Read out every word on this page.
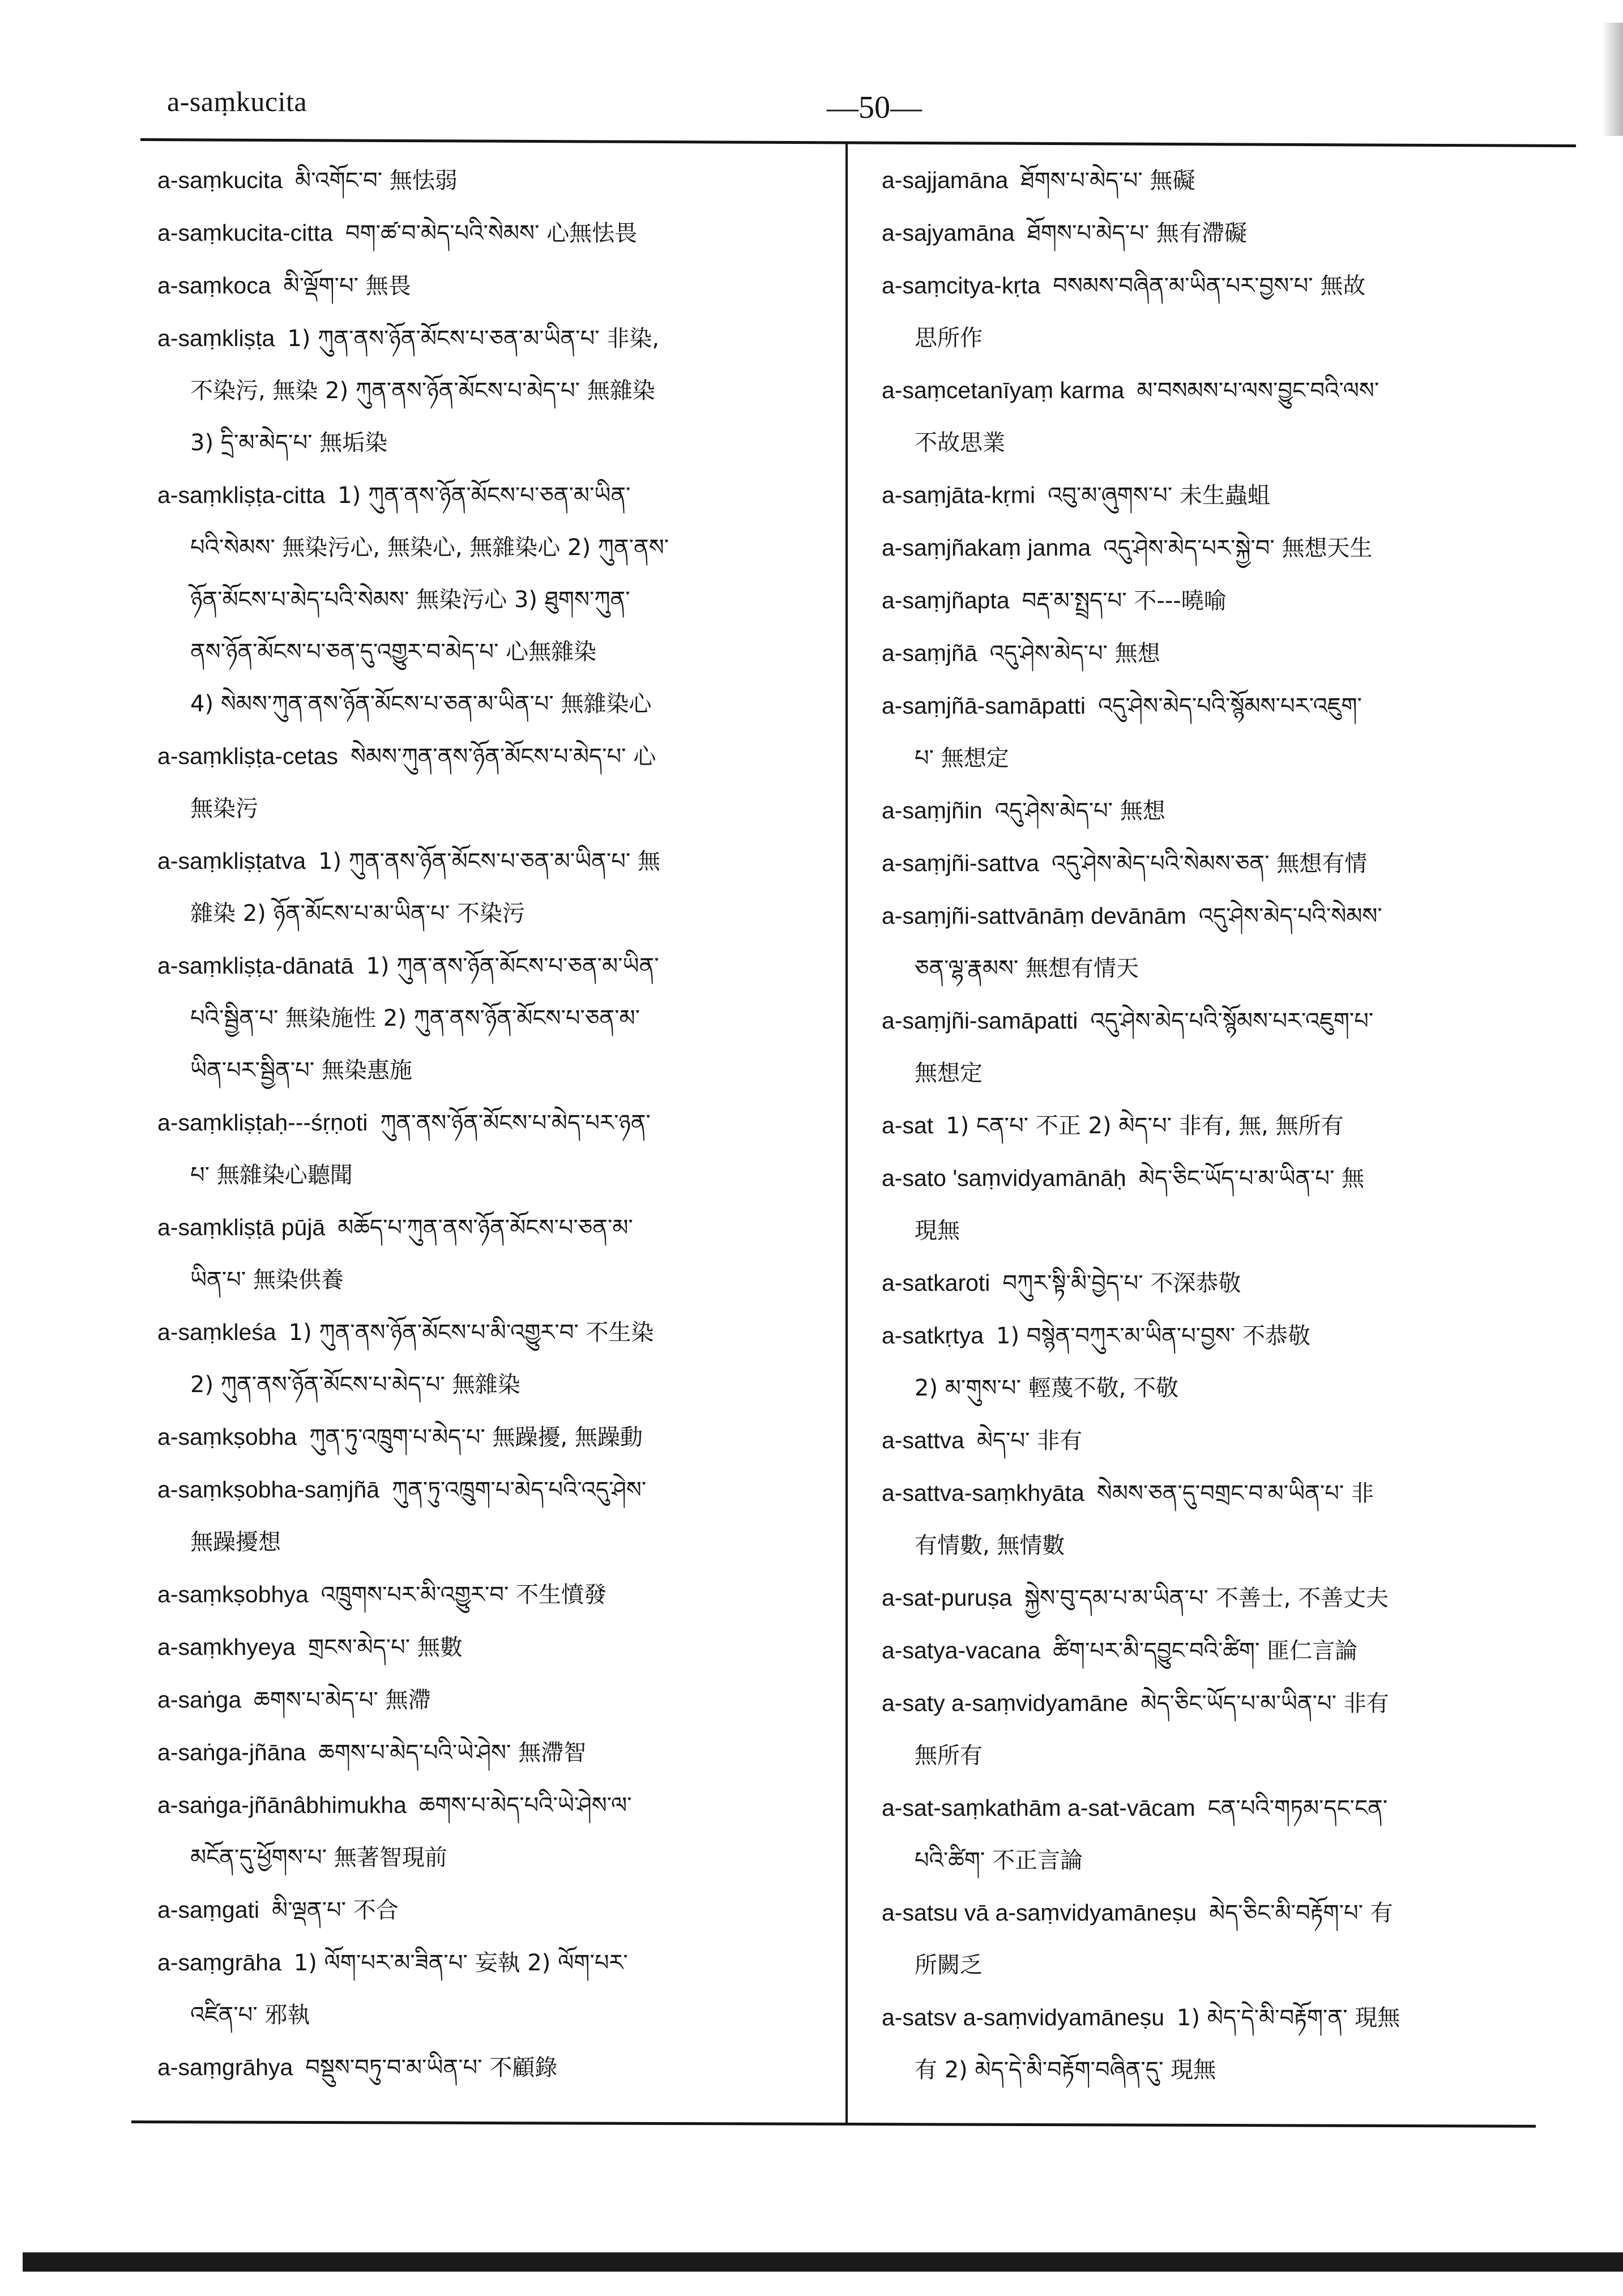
a-saṃkucita	—50—
a-saṃkucita མི་འགོང་བ་ 無怯弱
a-saṃkucita-citta བག་ཚ་བ་མེད་པའི་སེམས་ 心無怯畏
a-saṃkoca མི་ལྡོག་པ་ 無畏
a-saṃkliṣṭa 1) ཀུན་ནས་ཉོན་མོངས་པ་ཅན་མ་ཡིན་པ་ 非染,
不染污, 無染 2) ཀུན་ནས་ཉོན་མོངས་པ་མེད་པ་ 無雜染
3) དྲི་མ་མེད་པ་ 無垢染
a-saṃkliṣṭa-citta 1) ཀུན་ནས་ཉོན་མོངས་པ་ཅན་མ་ཡིན་
པའི་སེམས་ 無染污心, 無染心, 無雜染心 2) ཀུན་ནས་
ཉོན་མོངས་པ་མེད་པའི་སེམས་ 無染污心 3) ཐུགས་ཀུན་
ནས་ཉོན་མོངས་པ་ཅན་དུ་འགྱུར་བ་མེད་པ་ 心無雜染
4) སེམས་ཀུན་ནས་ཉོན་མོངས་པ་ཅན་མ་ཡིན་པ་ 無雜染心
a-saṃkliṣṭa-cetas སེམས་ཀུན་ནས་ཉོན་མོངས་པ་མེད་པ་ 心
無染污
a-saṃkliṣṭatva 1) ཀུན་ནས་ཉོན་མོངས་པ་ཅན་མ་ཡིན་པ་ 無
雜染 2) ཉོན་མོངས་པ་མ་ཡིན་པ་ 不染污
a-saṃkliṣṭa-dānatā 1) ཀུན་ནས་ཉོན་མོངས་པ་ཅན་མ་ཡིན་
པའི་སྦྱིན་པ་ 無染施性 2) ཀུན་ནས་ཉོན་མོངས་པ་ཅན་མ་
ཡིན་པར་སྦྱིན་པ་ 無染惠施
a-saṃkliṣṭaḥ---śṛṇoti ཀུན་ནས་ཉོན་མོངས་པ་མེད་པར་ཉན་
པ་ 無雜染心聽聞
a-saṃkliṣṭā pūjā མཆོད་པ་ཀུན་ནས་ཉོན་མོངས་པ་ཅན་མ་
ཡིན་པ་ 無染供養
a-saṃkleśa 1) ཀུན་ནས་ཉོན་མོངས་པ་མི་འགྱུར་བ་ 不生染
2) ཀུན་ནས་ཉོན་མོངས་པ་མེད་པ་ 無雜染
a-saṃkṣobha ཀུན་ཏུ་འཁྲུག་པ་མེད་པ་ 無躁擾, 無躁動
a-saṃkṣobha-saṃjñā ཀུན་ཏུ་འཁྲུག་པ་མེད་པའི་འདུ་ཤེས་
無躁擾想
a-saṃkṣobhya འཁྲུགས་པར་མི་འགྱུར་བ་ 不生憤發
a-saṃkhyeya གྲངས་མེད་པ་ 無數
a-saṅga ཆགས་པ་མེད་པ་ 無滯
a-saṅga-jñāna ཆགས་པ་མེད་པའི་ཡེ་ཤེས་ 無滯智
a-saṅga-jñānâbhimukha ཆགས་པ་མེད་པའི་ཡེ་ཤེས་ལ་
མངོན་དུ་ཕྱོགས་པ་ 無著智現前
a-saṃgati མི་ལྡན་པ་ 不合
a-saṃgrāha 1) ལོག་པར་མ་ཟིན་པ་ 妄執 2) ལོག་པར་
འཛིན་པ་ 邪執
a-saṃgrāhya བསྡུས་བཏུ་བ་མ་ཡིན་པ་ 不顧錄
a-sajjamāna ཐོགས་པ་མེད་པ་ 無礙
a-sajyamāna ཐོགས་པ་མེད་པ་ 無有滯礙
a-saṃcitya-kṛta བསམས་བཞིན་མ་ཡིན་པར་བྱས་པ་ 無故
思所作
a-saṃcetanīyaṃ karma མ་བསམས་པ་ལས་བྱུང་བའི་ལས་
不故思業
a-saṃjāta-kṛmi འབུ་མ་ཞུགས་པ་ 未生蟲蛆
a-saṃjñakaṃ janma འདུ་ཤེས་མེད་པར་སྐྱེ་བ་ 無想天生
a-saṃjñapta བརྡ་མ་སྤྲད་པ་ 不---曉喻
a-saṃjñā འདུ་ཤེས་མེད་པ་ 無想
a-saṃjñā-samāpatti འདུ་ཤེས་མེད་པའི་སྙོམས་པར་འཇུག་
པ་ 無想定
a-saṃjñin འདུ་ཤེས་མེད་པ་ 無想
a-saṃjñi-sattva འདུ་ཤེས་མེད་པའི་སེམས་ཅན་ 無想有情
a-saṃjñi-sattvānāṃ devānām འདུ་ཤེས་མེད་པའི་སེམས་
ཅན་ལྷ་རྣམས་ 無想有情天
a-saṃjñi-samāpatti འདུ་ཤེས་མེད་པའི་སྙོམས་པར་འཇུག་པ་
無想定
a-sat 1) ངན་པ་ 不正 2) མེད་པ་ 非有, 無, 無所有
a-sato 'saṃvidyamānāḥ མེད་ཅིང་ཡོད་པ་མ་ཡིན་པ་ 無
現無
a-satkaroti བཀུར་སྟི་མི་བྱེད་པ་ 不深恭敬
a-satkṛtya 1) བསྙེན་བཀུར་མ་ཡིན་པ་བྱས་ 不恭敬
2) མ་གུས་པ་ 輕蔑不敬, 不敬
a-sattva མེད་པ་ 非有
a-sattva-saṃkhyāta སེམས་ཅན་དུ་བགྲང་བ་མ་ཡིན་པ་ 非
有情數, 無情數
a-sat-puruṣa སྐྱེས་བུ་དམ་པ་མ་ཡིན་པ་ 不善士, 不善丈夫
a-satya-vacana ཚིག་པར་མི་དབྱུང་བའི་ཚིག་ 匪仁言論
a-saty a-saṃvidyamāne མེད་ཅིང་ཡོད་པ་མ་ཡིན་པ་ 非有
無所有
a-sat-saṃkathām a-sat-vācam ངན་པའི་གཏམ་དང་ངན་
པའི་ཚིག་ 不正言論
a-satsu vā a-saṃvidyamāneṣu མེད་ཅིང་མི་བརྟོག་པ་ 有
所闕乏
a-satsv a-saṃvidyamāneṣu 1) མེད་དེ་མི་བརྟོག་ན་ 現無
有 2) མེད་དེ་མི་བརྟོག་བཞིན་དུ་ 現無
